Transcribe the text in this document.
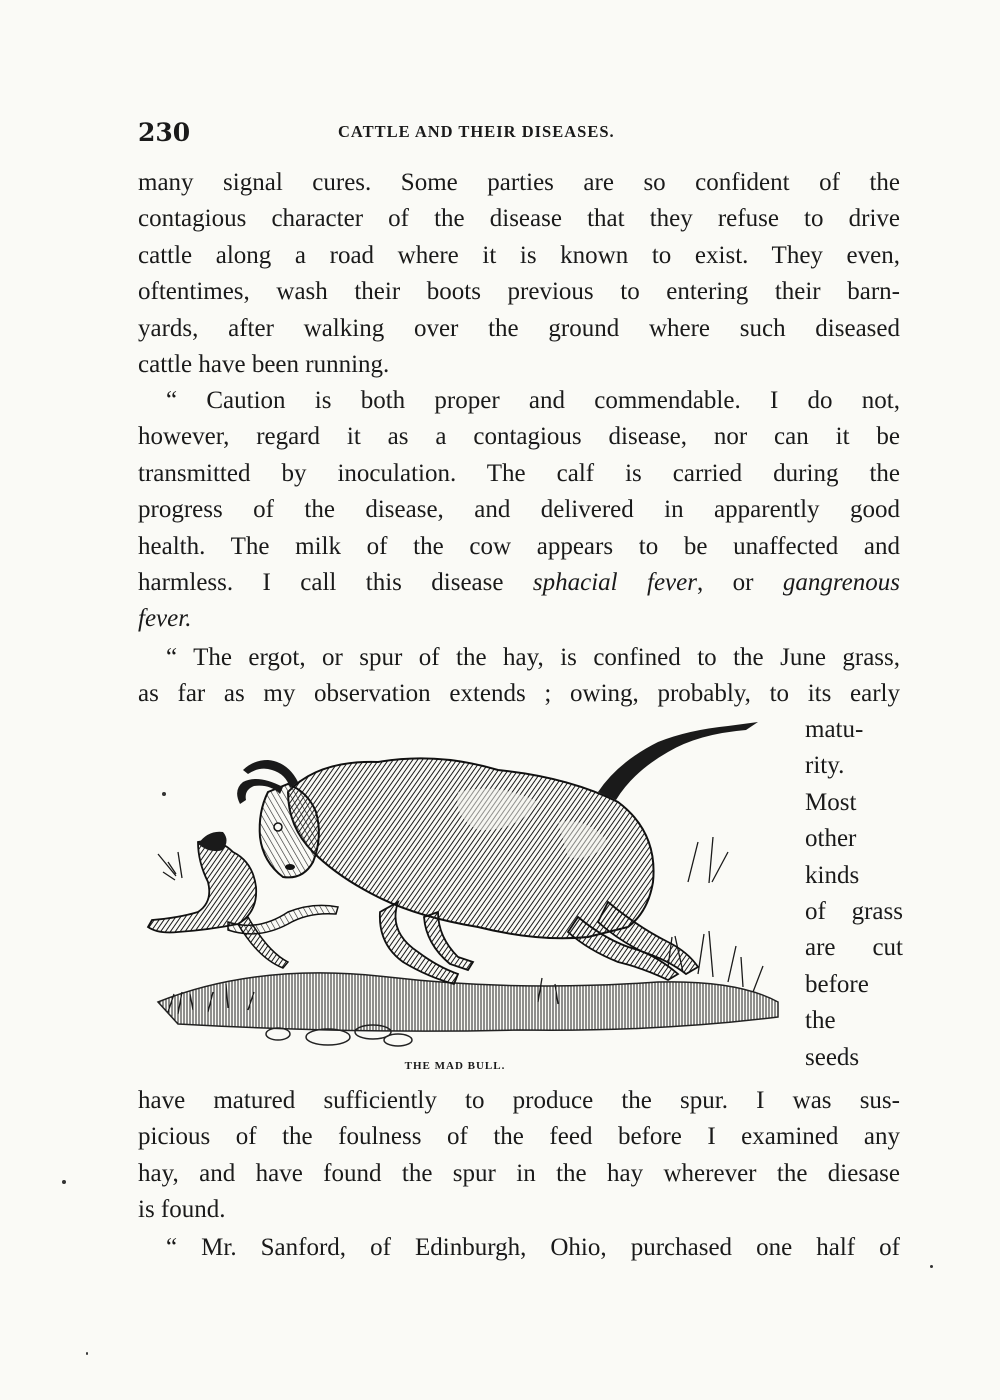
230	CATTLE AND THEIR DISEASES.
many signal cures. Some parties are so confident of the
contagious character of the disease that they refuse to drive
cattle along a road where it is known to exist. They even,
oftentimes, wash their boots previous to entering their barn-
yards, after walking over the ground where such diseased
cattle have been running.
“ Caution is both proper and commendable. I do not,
however, regard it as a contagious disease, nor can it be
transmitted by inoculation. The calf is carried during the
progress of the disease, and delivered in apparently good
health. The milk of the cow appears to be unaffected and
harmless. I call this disease sphacial fever, or gangrenous
fever.
“ The ergot, or spur of the hay, is confined to the June grass,
as far as my observation extends ; owing, probably, to its early
THE MAD BULL.
matu-
rity.
Most
other
kinds
of grass
are cut
before
the
seeds
have matured sufficiently to produce the spur. I was sus-
picious of the foulness of the feed before I examined any
hay, and have found the spur in the hay wherever the diesase
is found.
“ Mr. Sanford, of Edinburgh, Ohio, purchased one half of
